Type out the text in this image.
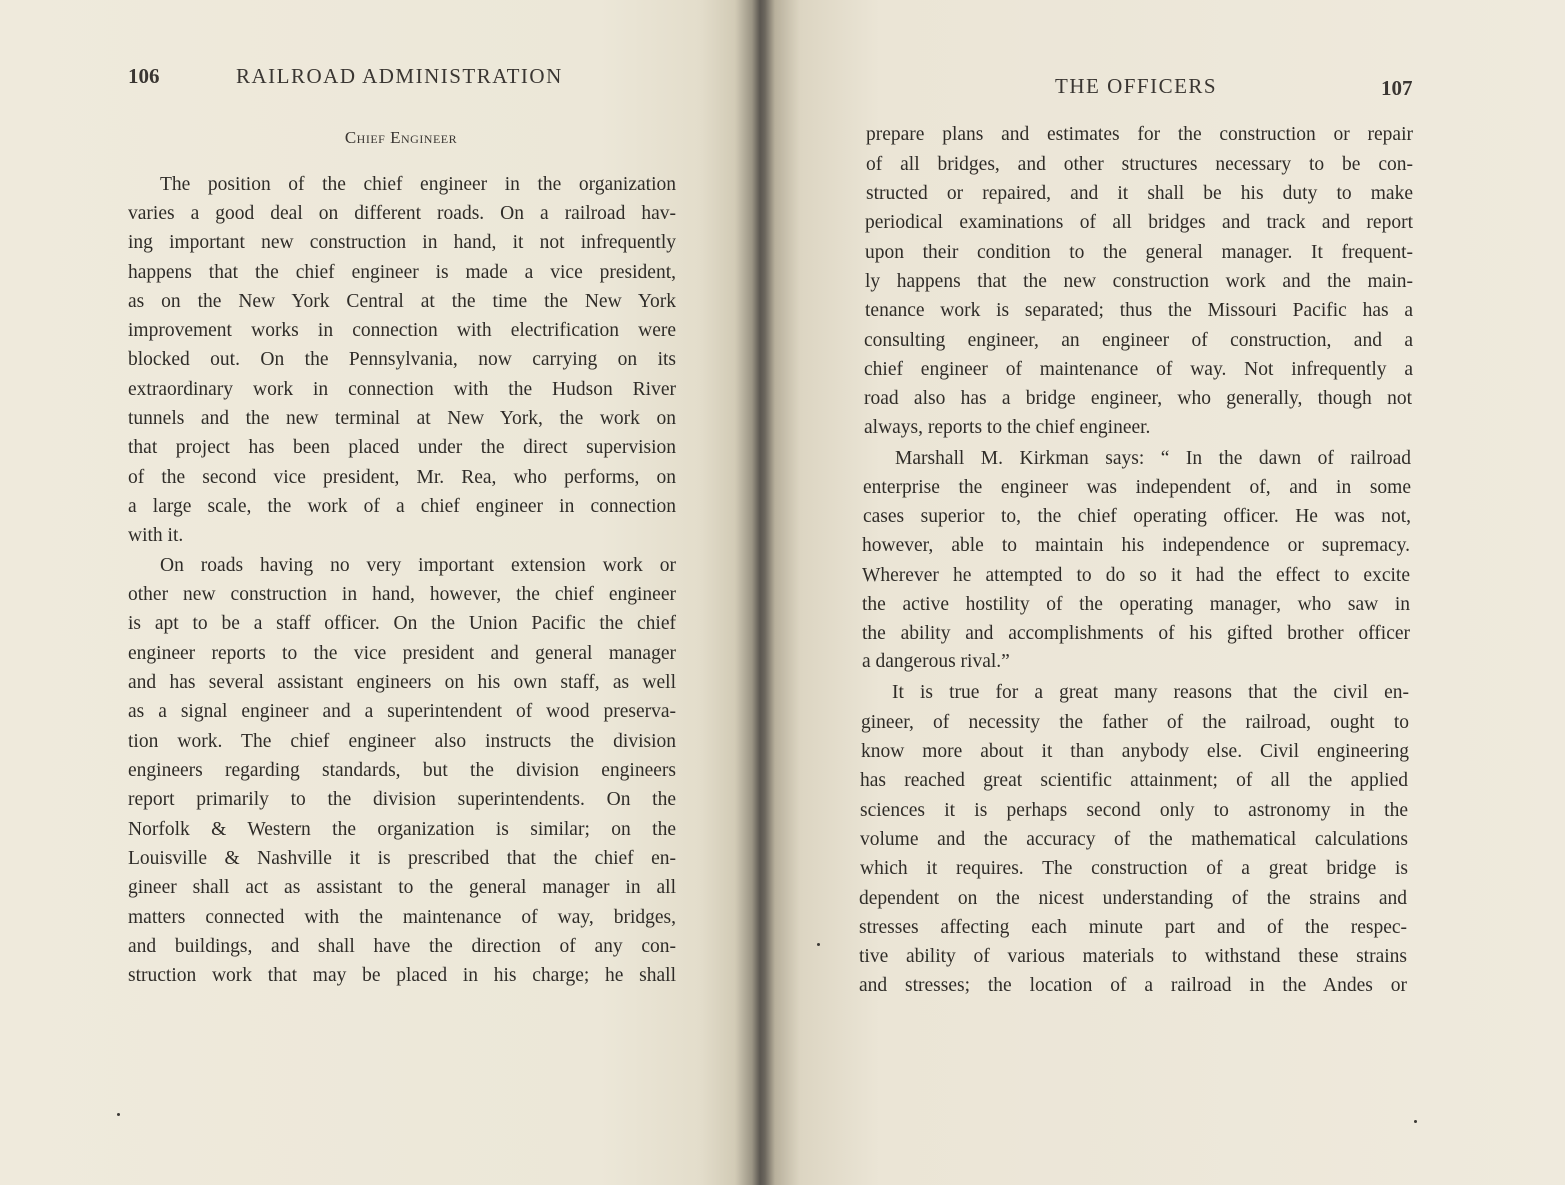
106	RAILROAD ADMINISTRATION
Chief Engineer
The position of the chief engineer in the organization
varies a good deal on different roads. On a railroad hav-
ing important new construction in hand, it not infrequently
happens that the chief engineer is made a vice president,
as on the New York Central at the time the New York
improvement works in connection with electrification were
blocked out. On the Pennsylvania, now carrying on its
extraordinary work in connection with the Hudson River
tunnels and the new terminal at New York, the work on
that project has been placed under the direct supervision
of the second vice president, Mr. Rea, who performs, on
a large scale, the work of a chief engineer in connection
with it.
On roads having no very important extension work or
other new construction in hand, however, the chief engineer
is apt to be a staff officer. On the Union Pacific the chief
engineer reports to the vice president and general manager
and has several assistant engineers on his own staff, as well
as a signal engineer and a superintendent of wood preserva-
tion work. The chief engineer also instructs the division
engineers regarding standards, but the division engineers
report primarily to the division superintendents. On the
Norfolk & Western the organization is similar; on the
Louisville & Nashville it is prescribed that the chief en-
gineer shall act as assistant to the general manager in all
matters connected with the maintenance of way, bridges,
and buildings, and shall have the direction of any con-
struction work that may be placed in his charge; he shall
THE OFFICERS	107
prepare plans and estimates for the construction or repair
of all bridges, and other structures necessary to be con-
structed or repaired, and it shall be his duty to make
periodical examinations of all bridges and track and report
upon their condition to the general manager. It frequent-
ly happens that the new construction work and the main-
tenance work is separated; thus the Missouri Pacific has a
consulting engineer, an engineer of construction, and a
chief engineer of maintenance of way. Not infrequently a
road also has a bridge engineer, who generally, though not
always, reports to the chief engineer.
Marshall M. Kirkman says: “ In the dawn of railroad
enterprise the engineer was independent of, and in some
cases superior to, the chief operating officer. He was not,
however, able to maintain his independence or supremacy.
Wherever he attempted to do so it had the effect to excite
the active hostility of the operating manager, who saw in
the ability and accomplishments of his gifted brother officer
a dangerous rival.”
It is true for a great many reasons that the civil en-
gineer, of necessity the father of the railroad, ought to
know more about it than anybody else. Civil engineering
has reached great scientific attainment; of all the applied
sciences it is perhaps second only to astronomy in the
volume and the accuracy of the mathematical calculations
which it requires. The construction of a great bridge is
dependent on the nicest understanding of the strains and
stresses affecting each minute part and of the respec-
tive ability of various materials to withstand these strains
and stresses; the location of a railroad in the Andes or
